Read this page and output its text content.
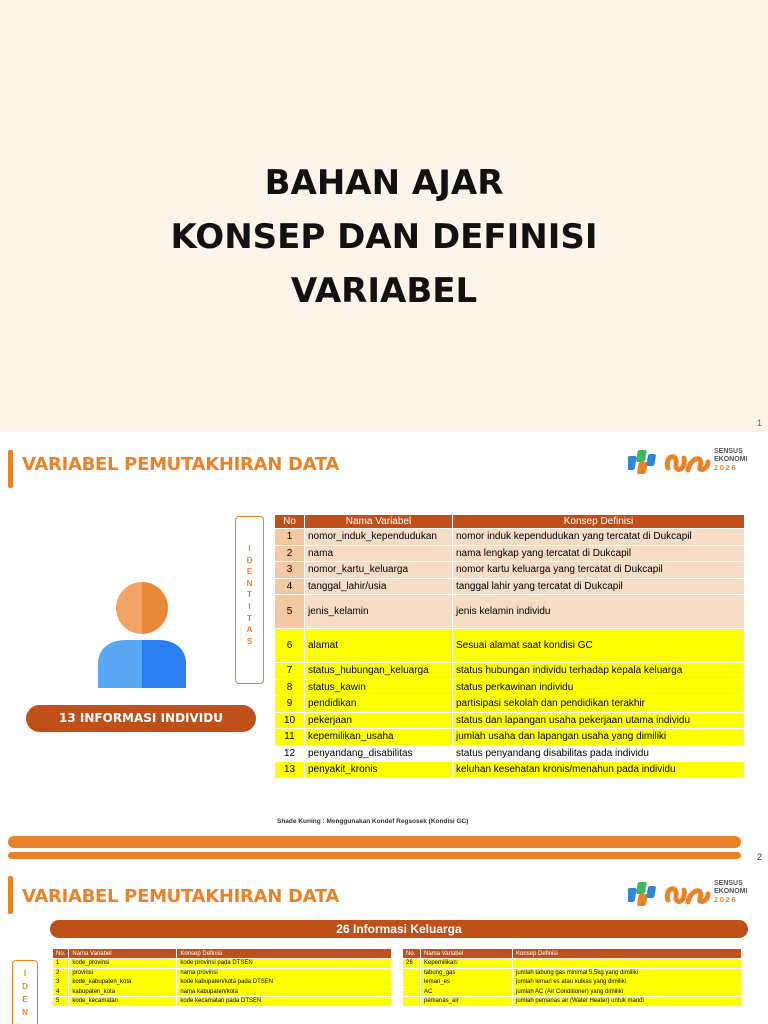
BAHAN AJAR
KONSEP DAN DEFINISI
VARIABEL
1
VARIABEL PEMUTAKHIRAN DATA
SENSUS
EKONOMI
2026
I
D
E
N
T
I
T
A
S
No	Nama Variabel	Konsep Definisi
1	nomor_induk_kependudukan	nomor induk kependudukan yang tercatat di Dukcapil
2	nama	nama lengkap yang tercatat di Dukcapil
3	nomor_kartu_keluarga	nomor kartu keluarga yang tercatat di Dukcapil
4	tanggal_lahir/usia	tanggal lahir yang tercatat di Dukcapil
5	jenis_kelamin	jenis kelamin individu
6	alamat	Sesuai alamat saat kondisi GC
7	status_hubungan_keluarga	status hubungan individu terhadap kepala keluarga
8	status_kawin	status perkawinan individu
9	pendidikan	partisipasi sekolah dan pendidikan terakhir
10	pekerjaan	status dan lapangan usaha pekerjaan utama individu
11	kepemilikan_usaha	jumlah usaha dan lapangan usaha yang dimiliki
12	penyandang_disabilitas	status penyandang disabilitas pada individu
13	penyakit_kronis	keluhan kesehatan kronis/menahun pada individu
13 INFORMASI INDIVIDU
Shade Kuning : Menggunakan Kondef Regsosek (Kondisi GC)
2
VARIABEL PEMUTAKHIRAN DATA
SENSUS
EKONOMI
2026
26 Informasi Keluarga
I
D
E
N
No.	Nama Variabel	Konsep Definisi
1	kode_provinsi	kode provinsi pada DTSEN
2	provinsi	nama provinsi
3	kode_kabupaten_kota	kode kabupaten/kota pada DTSEN
4	kabupaten_kota	nama kabupaten/kota
5	kode_kecamatan	kode kecamatan pada DTSEN
No.	Nama Variabel	Konsep Definisi
26	Kepemilikan:	
	tabung_gas	jumlah tabung gas minimal 5,5kg yang dimiliki
	lemari_es	jumlah lemari es atau kulkas yang dimiliki
	AC	jumlah AC (Air Conditioner) yang dimiliki
	pemanas_air	jumlah pemanas air (Water Heater) untuk mandi
